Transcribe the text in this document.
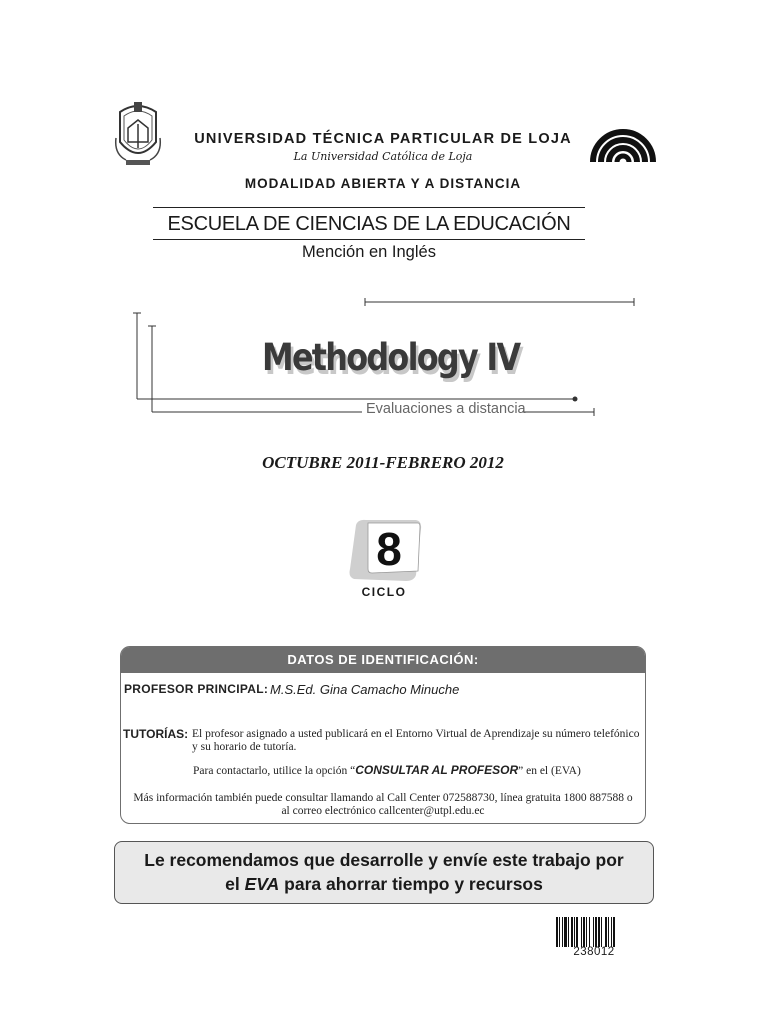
UNIVERSIDAD TÉCNICA PARTICULAR DE LOJA
La Universidad Católica de Loja
MODALIDAD ABIERTA Y A DISTANCIA
ESCUELA DE CIENCIAS DE LA EDUCACIÓN
Mención en Inglés
Methodology IV
Evaluaciones a distancia
OCTUBRE 2011-FEBRERO 2012
8
CICLO
DATOS DE IDENTIFICACIÓN:
PROFESOR PRINCIPAL: M.S.Ed. Gina Camacho Minuche
TUTORÍAS: El profesor asignado a usted publicará en el Entorno Virtual de Aprendizaje su número telefónico y su horario de tutoría.
Para contactarlo, utilice la opción “CONSULTAR AL PROFESOR” en el (EVA)
Más información también puede consultar llamando al Call Center 072588730, línea gratuita 1800 887588 o al correo electrónico callcenter@utpl.edu.ec
Le recomendamos que desarrolle y envíe este trabajo por
el EVA para ahorrar tiempo y recursos
238012
